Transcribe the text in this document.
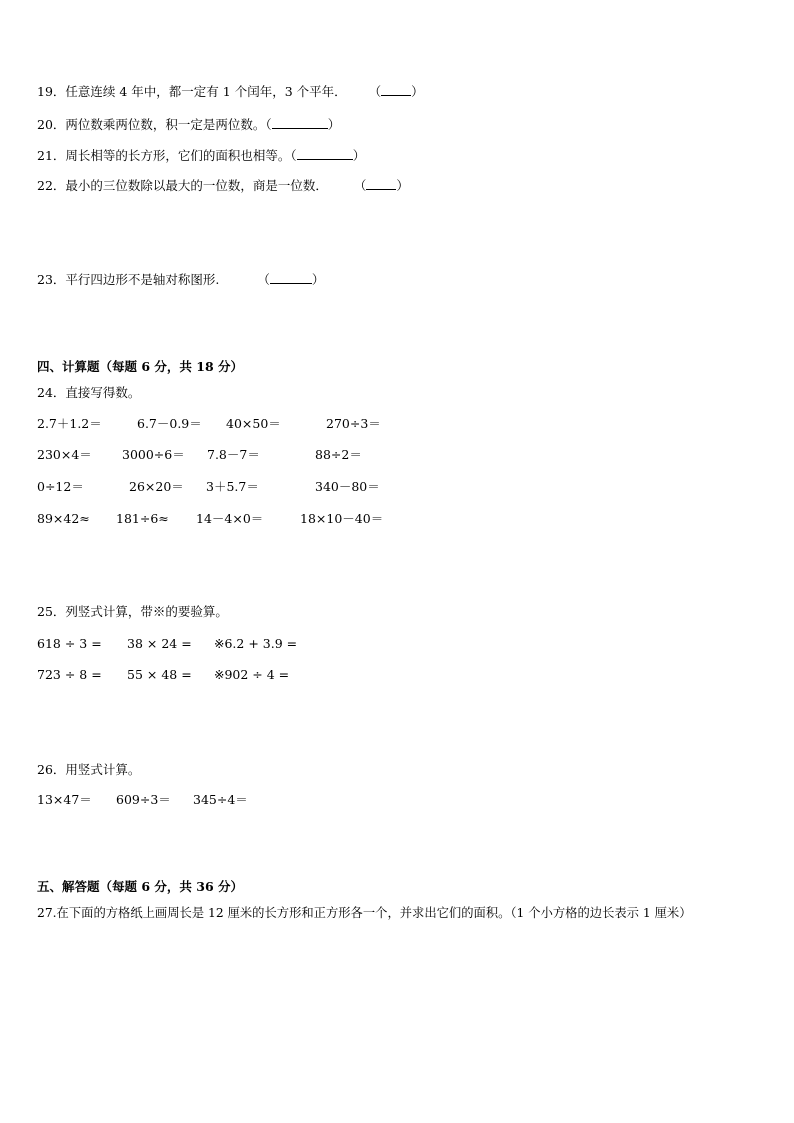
19．任意连续 4 年中，都一定有 1 个闰年，3 个平年． （ ）
20．两位数乘两位数，积一定是两位数。（	）
21．周长相等的长方形，它们的面积也相等。（	）
22．最小的三位数除以最大的一位数，商是一位数． （ ）
23．平行四边形不是轴对称图形.	（	）
四、计算题（每题 6 分，共 18 分）
24．直接写得数。
2.7＋1.2＝	6.7－0.9＝ 40×50＝	270÷3＝
230×4＝ 3000÷6＝ 7.8－7＝	88÷2＝
0÷12＝	26×20＝ 3＋5.7＝	340－80＝
89×42≈ 181÷6≈ 14－4×0＝	18×10－40＝
25．列竖式计算，带※的要验算。
618 ÷ 3 = 38 × 24 = ※6.2 + 3.9 =
723 ÷ 8 = 55 × 48 = ※902 ÷ 4 =
26．用竖式计算。
13×47＝ 609÷3＝ 345÷4＝
五、解答题（每题 6 分，共 36 分）
27.在下面的方格纸上画周长是 12 厘米的长方形和正方形各一个，并求出它们的面积。（1 个小方格的边长表示 1 厘米）
